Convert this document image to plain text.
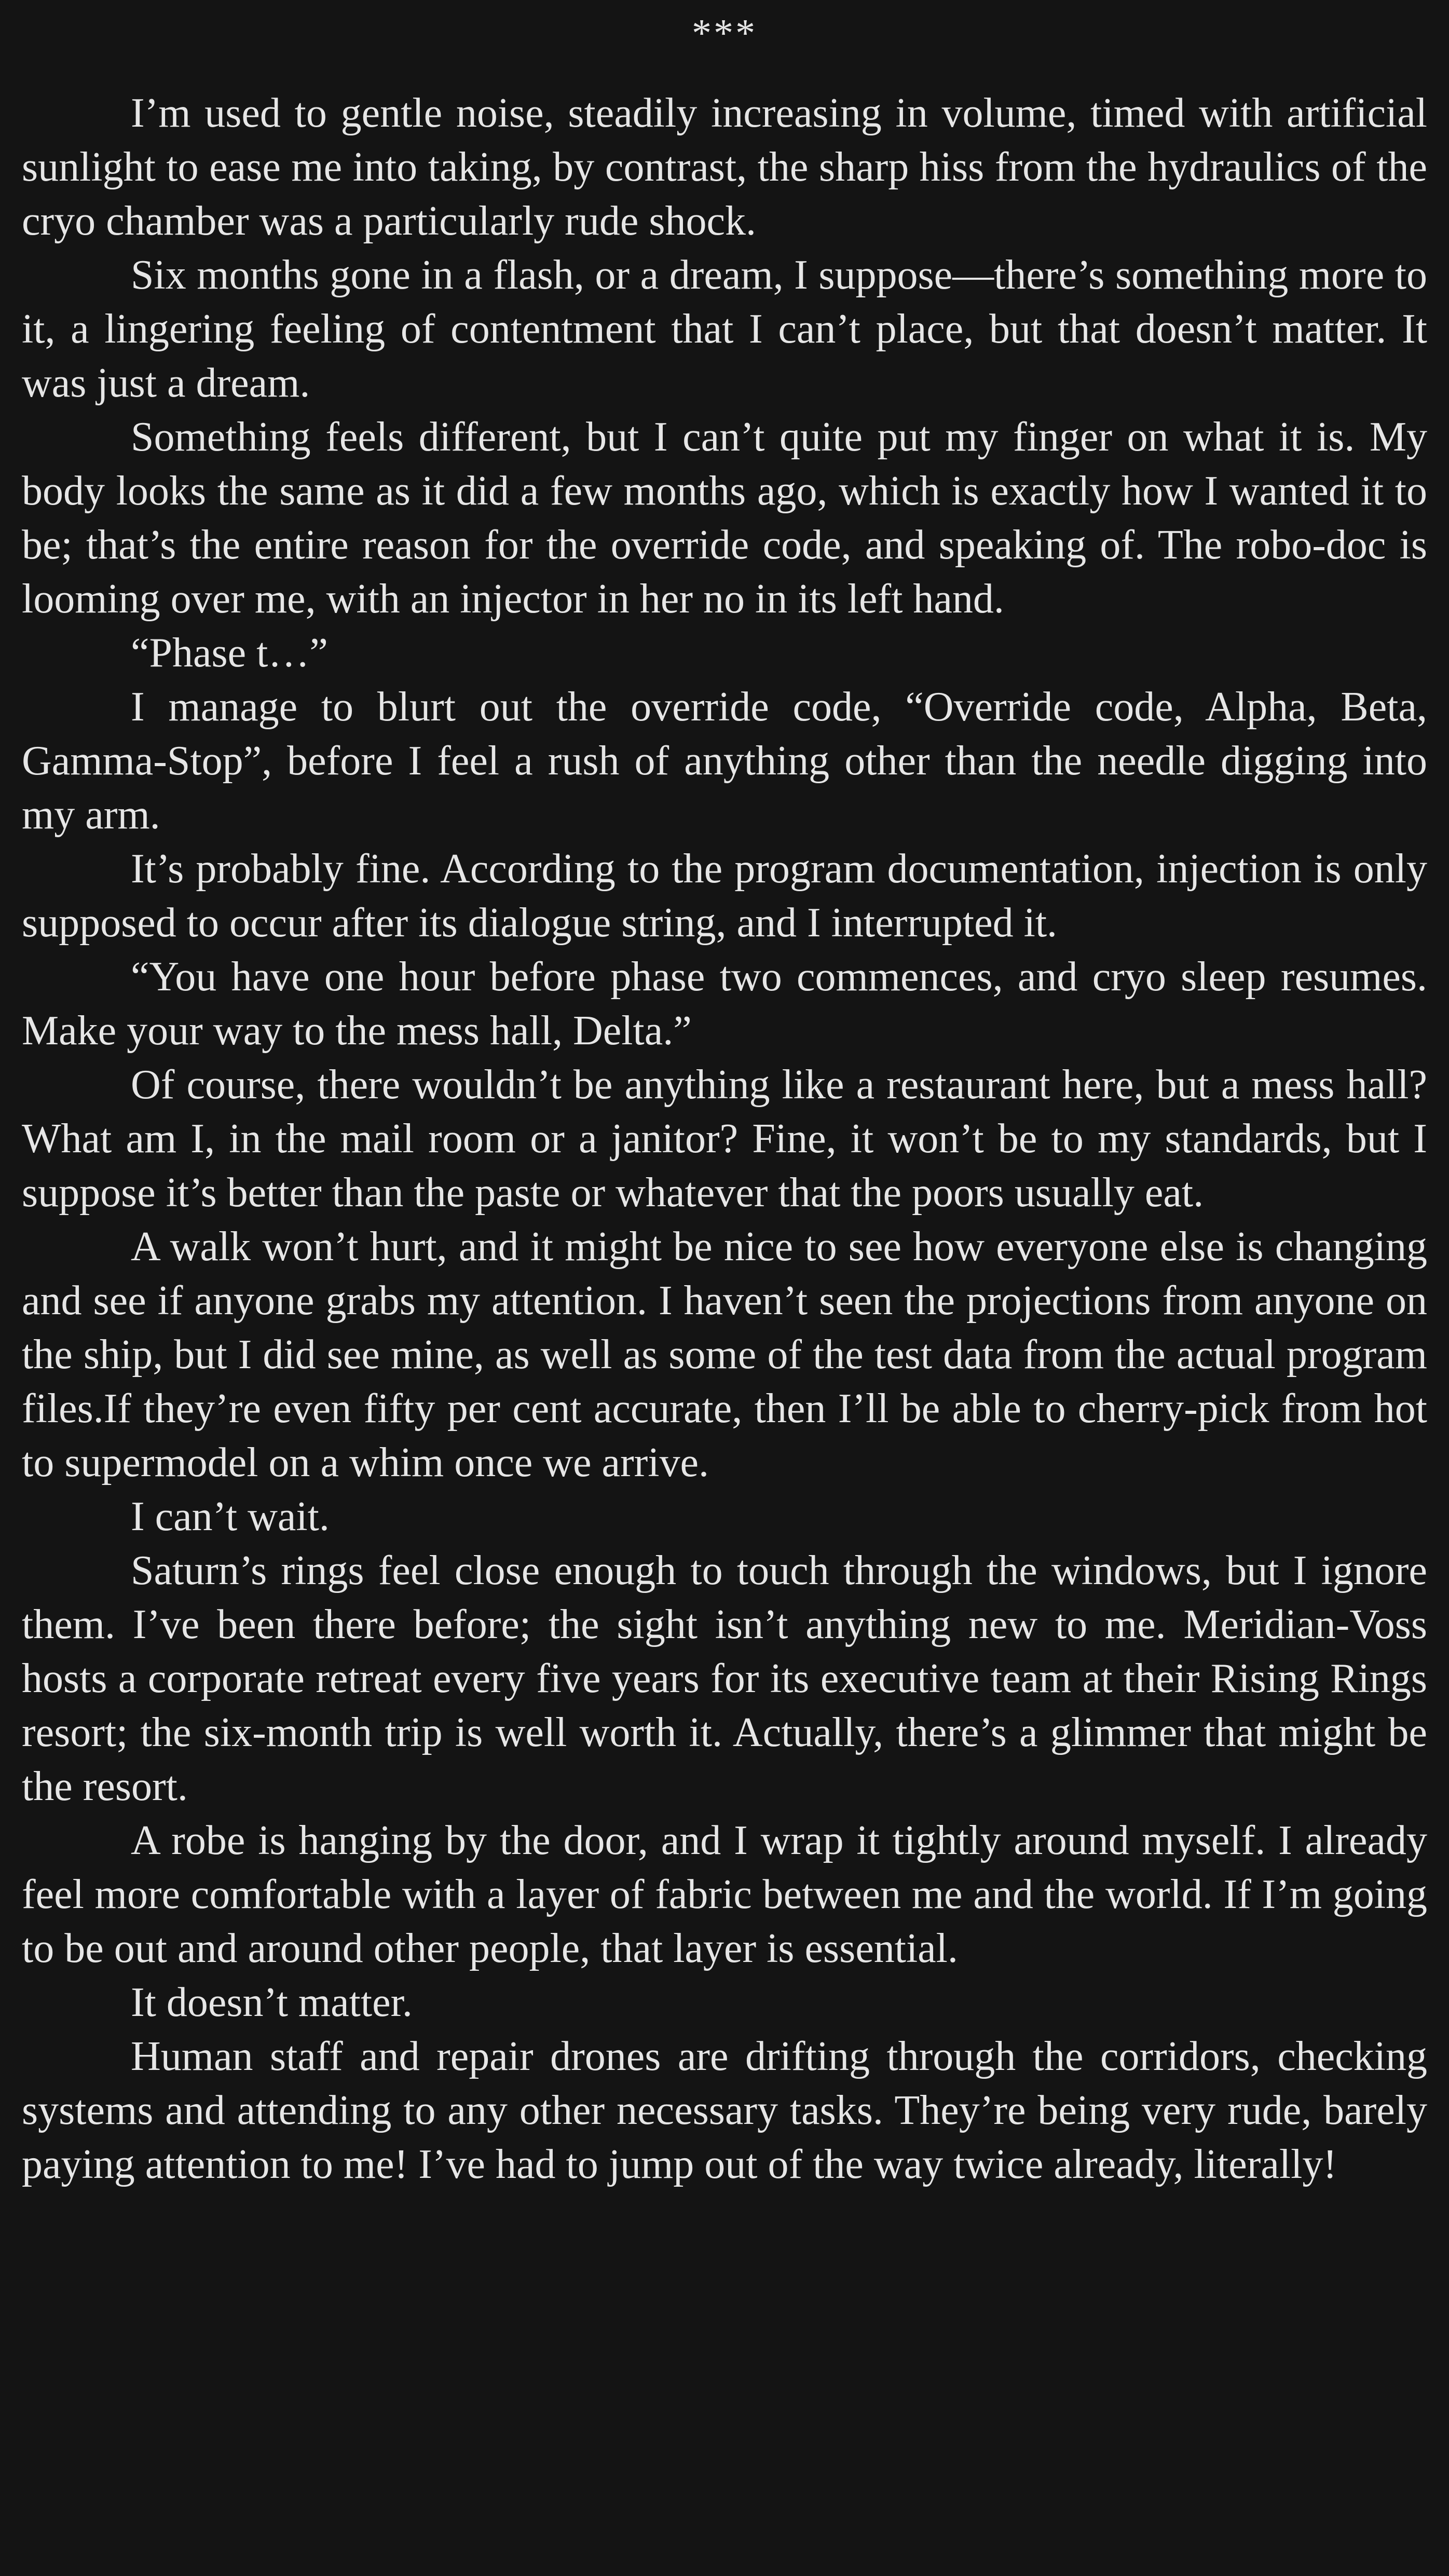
***

I’m used to gentle noise, steadily increasing in volume, timed with artificial sunlight to ease me into taking, by contrast, the sharp hiss from the hydraulics of the cryo chamber was a particularly rude shock.

Six months gone in a flash, or a dream, I suppose—there’s something more to it, a lingering feeling of contentment that I can’t place, but that doesn’t matter. It was just a dream.

Something feels different, but I can’t quite put my finger on what it is. My body looks the same as it did a few months ago, which is exactly how I wanted it to be; that’s the entire reason for the override code, and speaking of. The robo-doc is looming over me, with an injector in her no in its left hand.

“Phase t…”

I manage to blurt out the override code, “Override code, Alpha, Beta, Gamma-Stop”, before I feel a rush of anything other than the needle digging into my arm.

It’s probably fine. According to the program documentation, injection is only supposed to occur after its dialogue string, and I interrupted it.

“You have one hour before phase two commences, and cryo sleep resumes. Make your way to the mess hall, Delta.”

Of course, there wouldn’t be anything like a restaurant here, but a mess hall? What am I, in the mail room or a janitor? Fine, it won’t be to my standards, but I suppose it’s better than the paste or whatever that the poors usually eat.

A walk won’t hurt, and it might be nice to see how everyone else is changing and see if anyone grabs my attention. I haven’t seen the projections from anyone on the ship, but I did see mine, as well as some of the test data from the actual program files.If they’re even fifty per cent accurate, then I’ll be able to cherry-pick from hot to supermodel on a whim once we arrive.

I can’t wait.

Saturn’s rings feel close enough to touch through the windows, but I ignore them. I’ve been there before; the sight isn’t anything new to me. Meridian-Voss hosts a corporate retreat every five years for its executive team at their Rising Rings resort; the six-month trip is well worth it. Actually, there’s a glimmer that might be the resort.

A robe is hanging by the door, and I wrap it tightly around myself. I already feel more comfortable with a layer of fabric between me and the world. If I’m going to be out and around other people, that layer is essential.

It doesn’t matter.

Human staff and repair drones are drifting through the corridors, checking systems and attending to any other necessary tasks. They’re being very rude, barely paying attention to me! I’ve had to jump out of the way twice already, literally!
